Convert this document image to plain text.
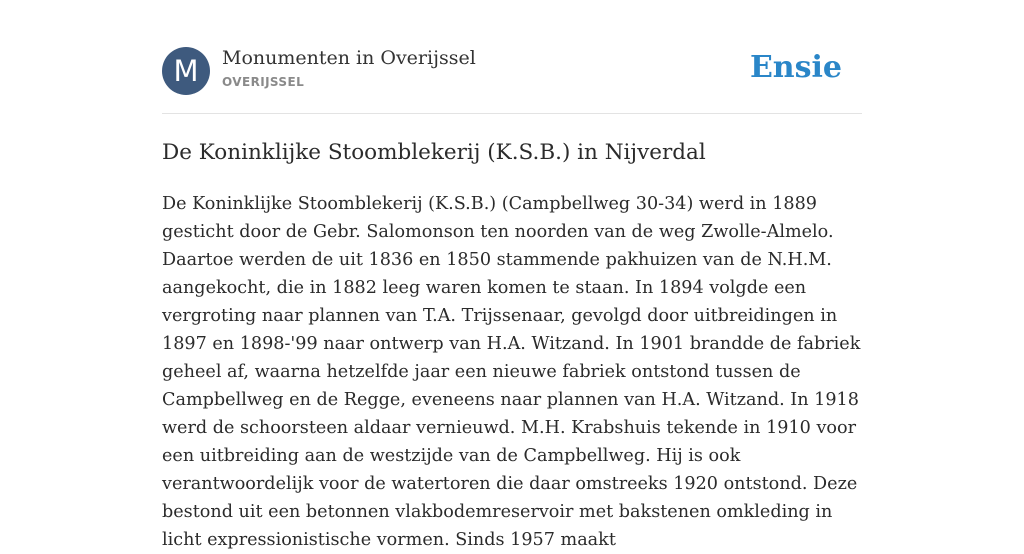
M	Monumenten in Overijssel
OVERIJSSEL	Ensie
De Koninklijke Stoomblekerij (K.S.B.) in Nijverdal

De Koninklijke Stoomblekerij (K.S.B.) (Campbellweg 30-34) werd in 1889 gesticht door de Gebr. Salomonson ten noorden van de weg Zwolle-Almelo. Daartoe werden de uit 1836 en 1850 stammende pakhuizen van de N.H.M. aangekocht, die in 1882 leeg waren komen te staan. In 1894 volgde een vergroting naar plannen van T.A. Trijssenaar, gevolgd door uitbreidingen in 1897 en 1898-'99 naar ontwerp van H.A. Witzand. In 1901 brandde de fabriek geheel af, waarna hetzelfde jaar een nieuwe fabriek ontstond tussen de Campbellweg en de Regge, eveneens naar plannen van H.A. Witzand. In 1918 werd de schoorsteen aldaar vernieuwd. M.H. Krabshuis tekende in 1910 voor een uitbreiding aan de westzijde van de Campbellweg. Hij is ook verantwoordelijk voor de watertoren die daar omstreeks 1920 ontstond. Deze bestond uit een betonnen vlakbodemreservoir met bakstenen omkleding in licht expressionistische vormen. Sinds 1957 maakt
